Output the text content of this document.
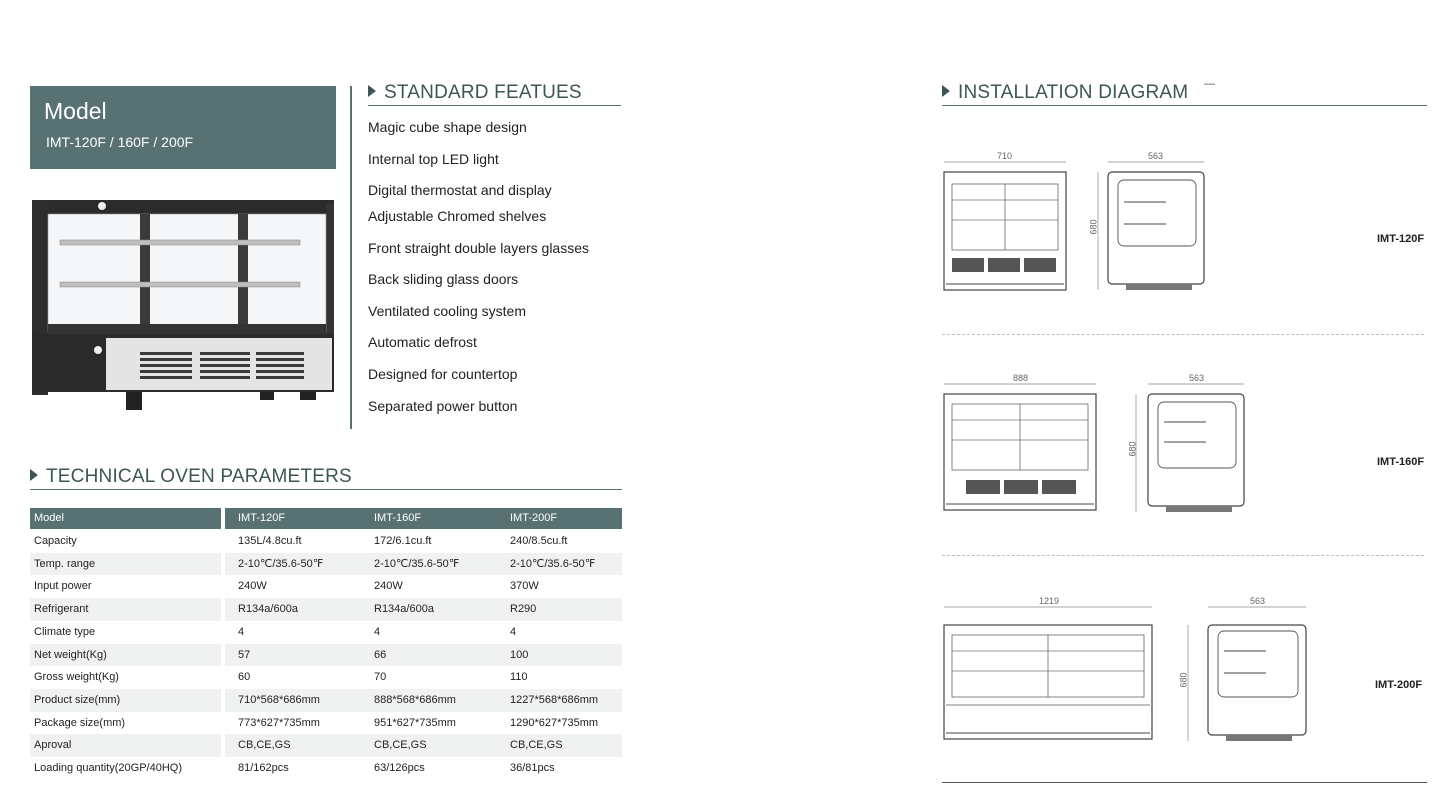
Model
IMT-120F / 160F / 200F
STANDARD FEATUES
Magic cube shape design
Internal top LED light
Digital thermostat and display
Adjustable Chromed shelves
Front straight double layers glasses
Back sliding glass doors
Ventilated cooling system
Automatic defrost
Designed for countertop
Separated power button
TECHNICAL OVEN PARAMETERS
Model	IMT-120F	IMT-160F	IMT-200F
Capacity	135L/4.8cu.ft	172/6.1cu.ft	240/8.5cu.ft
Temp. range	2-10℃/35.6-50℉	2-10℃/35.6-50℉	2-10℃/35.6-50℉
Input power	240W	240W	370W
Refrigerant	R134a/600a	R134a/600a	R290
Climate type	4	4	4
Net weight(Kg)	57	66	100
Gross weight(Kg)	60	70	110
Product size(mm)	710*568*686mm	888*568*686mm	1227*568*686mm
Package size(mm)	773*627*735mm	951*627*735mm	1290*627*735mm
Aproval	CB,CE,GS	CB,CE,GS	CB,CE,GS
Loading quantity(20GP/40HQ)	81/162pcs	63/126pcs	36/81pcs
INSTALLATION DIAGRAM —
710	563
680
IMT-120F
888	563
680
IMT-160F
1219	563
680	IMT-200F
